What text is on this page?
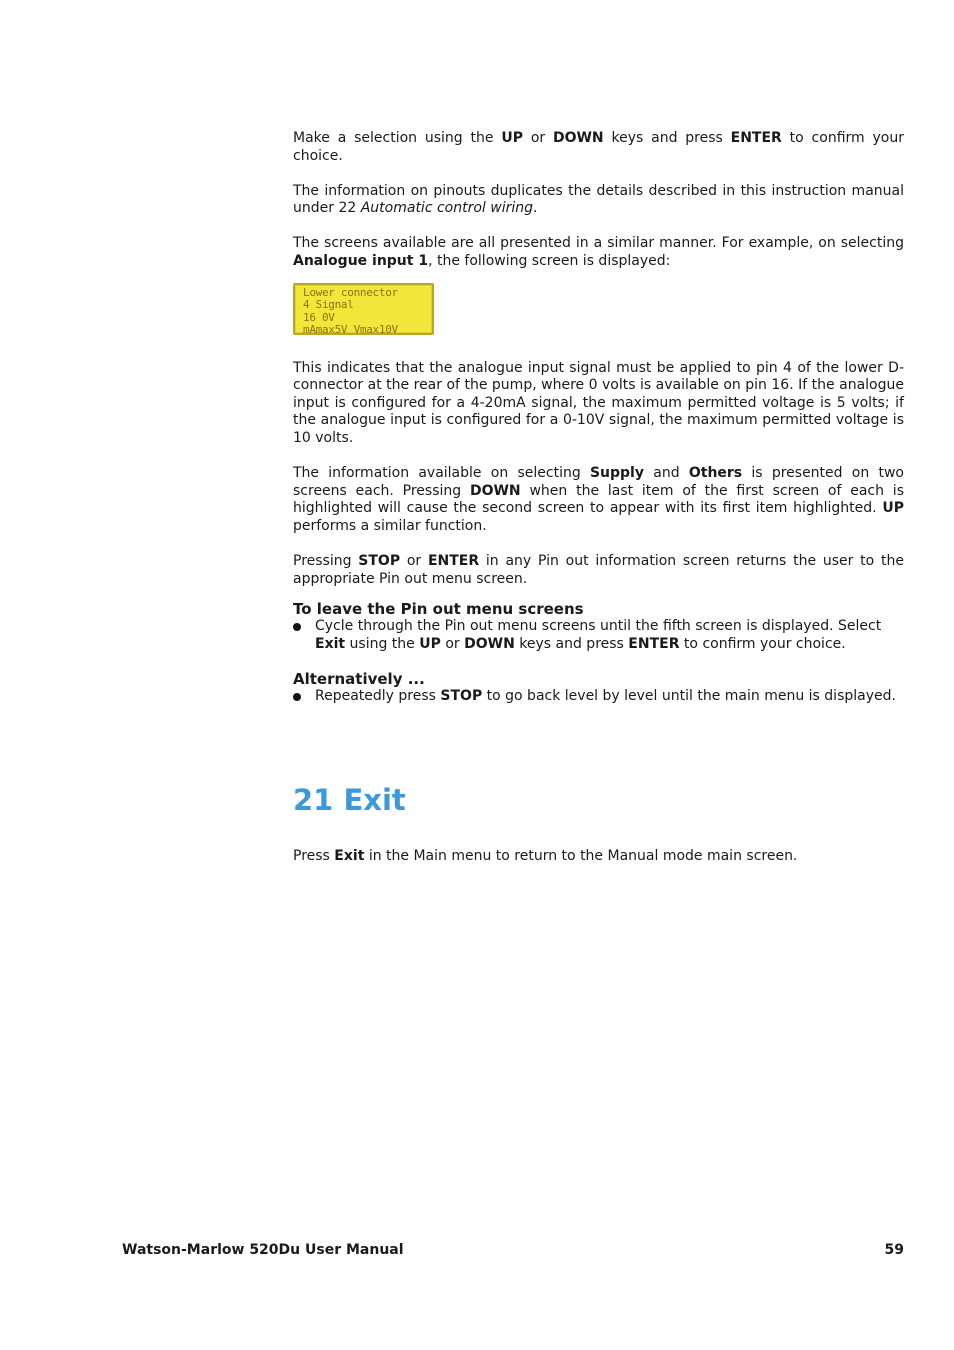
Make a selection using the UP or DOWN keys and press ENTER to confirm your choice.

The information on pinouts duplicates the details described in this instruction manual under 22 Automatic control wiring.

The screens available are all presented in a similar manner. For example, on selecting Analogue input 1, the following screen is displayed:

Lower connector
4 Signal
16 0V
mAmax5V Vmax10V

This indicates that the analogue input signal must be applied to pin 4 of the lower D-connector at the rear of the pump, where 0 volts is available on pin 16. If the analogue input is configured for a 4-20mA signal, the maximum permitted voltage is 5 volts; if the analogue input is configured for a 0-10V signal, the maximum permitted voltage is 10 volts.

The information available on selecting Supply and Others is presented on two screens each. Pressing DOWN when the last item of the first screen of each is highlighted will cause the second screen to appear with its first item highlighted. UP performs a similar function.

Pressing STOP or ENTER in any Pin out information screen returns the user to the appropriate Pin out menu screen.

To leave the Pin out menu screens

Cycle through the Pin out menu screens until the fifth screen is displayed. Select Exit using the UP or DOWN keys and press ENTER to confirm your choice.

Alternatively ...

Repeatedly press STOP to go back level by level until the main menu is displayed.
21 Exit

Press Exit in the Main menu to return to the Manual mode main screen.

Watson-Marlow 520Du User Manual	59
